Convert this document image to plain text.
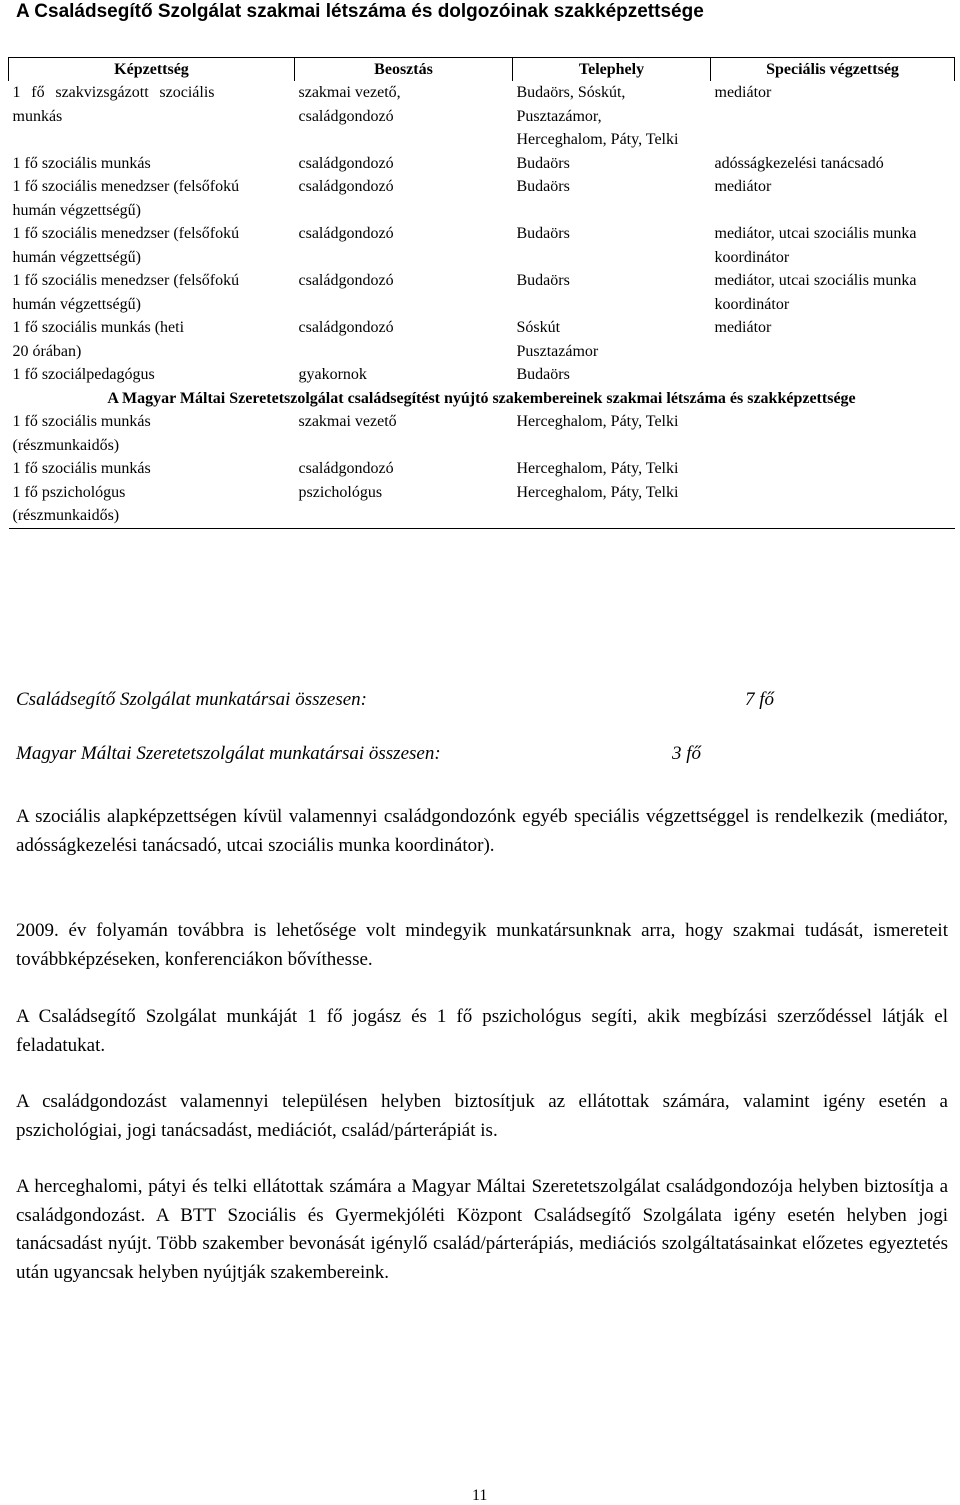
A Családsegítő Szolgálat szakmai létszáma és dolgozóinak szakképzettsége
Képzettség	Beosztás	Telephely	Speciális végzettség
1 fő szakvizsgázott szociális munkás	szakmai vezető, családgondozó	Budaörs, Sóskút, Pusztazámor, Herceghalom, Páty, Telki	mediátor
1 fő szociális munkás	családgondozó	Budaörs	adósságkezelési tanácsadó
1 fő szociális menedzser (felsőfokú humán végzettségű)	családgondozó	Budaörs	mediátor
1 fő szociális menedzser (felsőfokú humán végzettségű)	családgondozó	Budaörs	mediátor, utcai szociális munka koordinátor
1 fő szociális menedzser (felsőfokú humán végzettségű)	családgondozó	Budaörs	mediátor, utcai szociális munka koordinátor
1 fő szociális munkás (heti 20 órában)	családgondozó	Sóskút Pusztazámor	mediátor
1 fő szociálpedagógus	gyakornok	Budaörs	
A Magyar Máltai Szeretetszolgálat családsegítést nyújtó szakembereinek szakmai létszáma és szakképzettsége			
1 fő szociális munkás (részmunkaidős)	szakmai vezető	Herceghalom, Páty, Telki	
1 fő szociális munkás	családgondozó	Herceghalom, Páty, Telki	
1 fő pszichológus (részmunkaidős)	pszichológus	Herceghalom, Páty, Telki	
Családsegítő Szolgálat munkatársai összesen:	7 fő
Magyar Máltai Szeretetszolgálat munkatársai összesen:	3 fő

A szociális alapképzettségen kívül valamennyi családgondozónk egyéb speciális végzettséggel is rendelkezik (mediátor, adósságkezelési tanácsadó, utcai szociális munka koordinátor).

2009. év folyamán továbbra is lehetősége volt mindegyik munkatársunknak arra, hogy szakmai tudását, ismereteit továbbképzéseken, konferenciákon bővíthesse.

A Családsegítő Szolgálat munkáját 1 fő jogász és 1 fő pszichológus segíti, akik megbízási szerződéssel látják el feladatukat.

A családgondozást valamennyi településen helyben biztosítjuk az ellátottak számára, valamint igény esetén a pszichológiai, jogi tanácsadást, mediációt, család/párterápiát is.

A herceghalomi, pátyi és telki ellátottak számára a Magyar Máltai Szeretetszolgálat családgondozója helyben biztosítja a családgondozást. A BTT Szociális és Gyermekjóléti Központ Családsegítő Szolgálata igény esetén helyben jogi tanácsadást nyújt. Több szakember bevonását igénylő család/párterápiás, mediációs szolgáltatásainkat előzetes egyeztetés után ugyancsak helyben nyújtják szakembereink.

11
